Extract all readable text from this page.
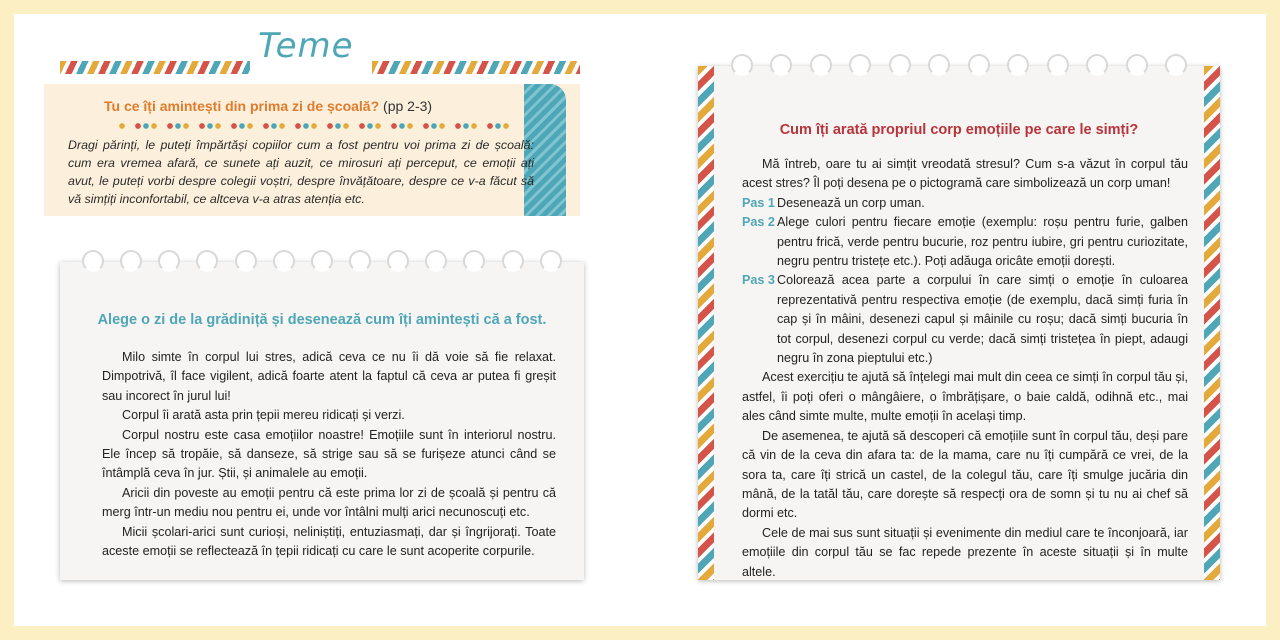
Teme
Tu ce îți amintești din prima zi de școală? (pp 2-3)
Dragi părinți, le puteți împărtăși copiilor cum a fost pentru voi prima zi de școală: cum era vremea afară, ce sunete ați auzit, ce mirosuri ați perceput, ce emoții ați avut, le puteți vorbi despre colegii voștri, despre învățătoare, despre ce v-a făcut să vă simțiți inconfortabil, ce altceva v-a atras atenția etc.
Alege o zi de la grădiniță și desenează cum îți amintești că a fost.

Milo simte în corpul lui stres, adică ceva ce nu îi dă voie să fie relaxat. Dimpotrivă, îl face vigilent, adică foarte atent la faptul că ceva ar putea fi greșit sau incorect în jurul lui!

Corpul îi arată asta prin țepii mereu ridicați și verzi.

Corpul nostru este casa emoțiilor noastre! Emoțiile sunt în interiorul nostru. Ele încep să tropăie, să danseze, să strige sau să se furișeze atunci când se întâmplă ceva în jur. Știi, și animalele au emoții.

Aricii din poveste au emoții pentru că este prima lor zi de școală și pentru că merg într-un mediu nou pentru ei, unde vor întâlni mulți arici necunoscuți etc.

Micii școlari-arici sunt curioși, neliniștiți, entuziasmați, dar și îngrijorați. Toate aceste emoții se reflectează în țepii ridicați cu care le sunt acoperite corpurile.

Cum îți arată propriul corp emoțiile pe care le simți?

Mă întreb, oare tu ai simțit vreodată stresul? Cum s-a văzut în corpul tău acest stres? Îl poți desena pe o pictogramă care simbolizează un corp uman!

Pas 1 Desenează un corp uman.
Pas 2 Alege culori pentru fiecare emoție (exemplu: roșu pentru furie, galben pentru frică, verde pentru bucurie, roz pentru iubire, gri pentru curiozitate, negru pentru tristețe etc.). Poți adăuga oricâte emoții dorești.
Pas 3 Colorează acea parte a corpului în care simți o emoție în culoarea reprezentativă pentru respectiva emoție (de exemplu, dacă simți furia în cap și în mâini, desenezi capul și mâinile cu roșu; dacă simți bucuria în tot corpul, desenezi corpul cu verde; dacă simți tristețea în piept, adaugi negru în zona pieptului etc.)

Acest exercițiu te ajută să înțelegi mai mult din ceea ce simți în corpul tău și, astfel, îi poți oferi o mângâiere, o îmbrățișare, o baie caldă, odihnă etc., mai ales când simte multe, multe emoții în același timp.

De asemenea, te ajută să descoperi că emoțiile sunt în corpul tău, deși pare că vin de la ceva din afara ta: de la mama, care nu îți cumpără ce vrei, de la sora ta, care îți strică un castel, de la colegul tău, care îți smulge jucăria din mână, de la tatăl tău, care dorește să respecți ora de somn și tu nu ai chef să dormi etc.

Cele de mai sus sunt situații și evenimente din mediul care te înconjoară, iar emoțiile din corpul tău se fac repede prezente în aceste situații și în multe altele.
